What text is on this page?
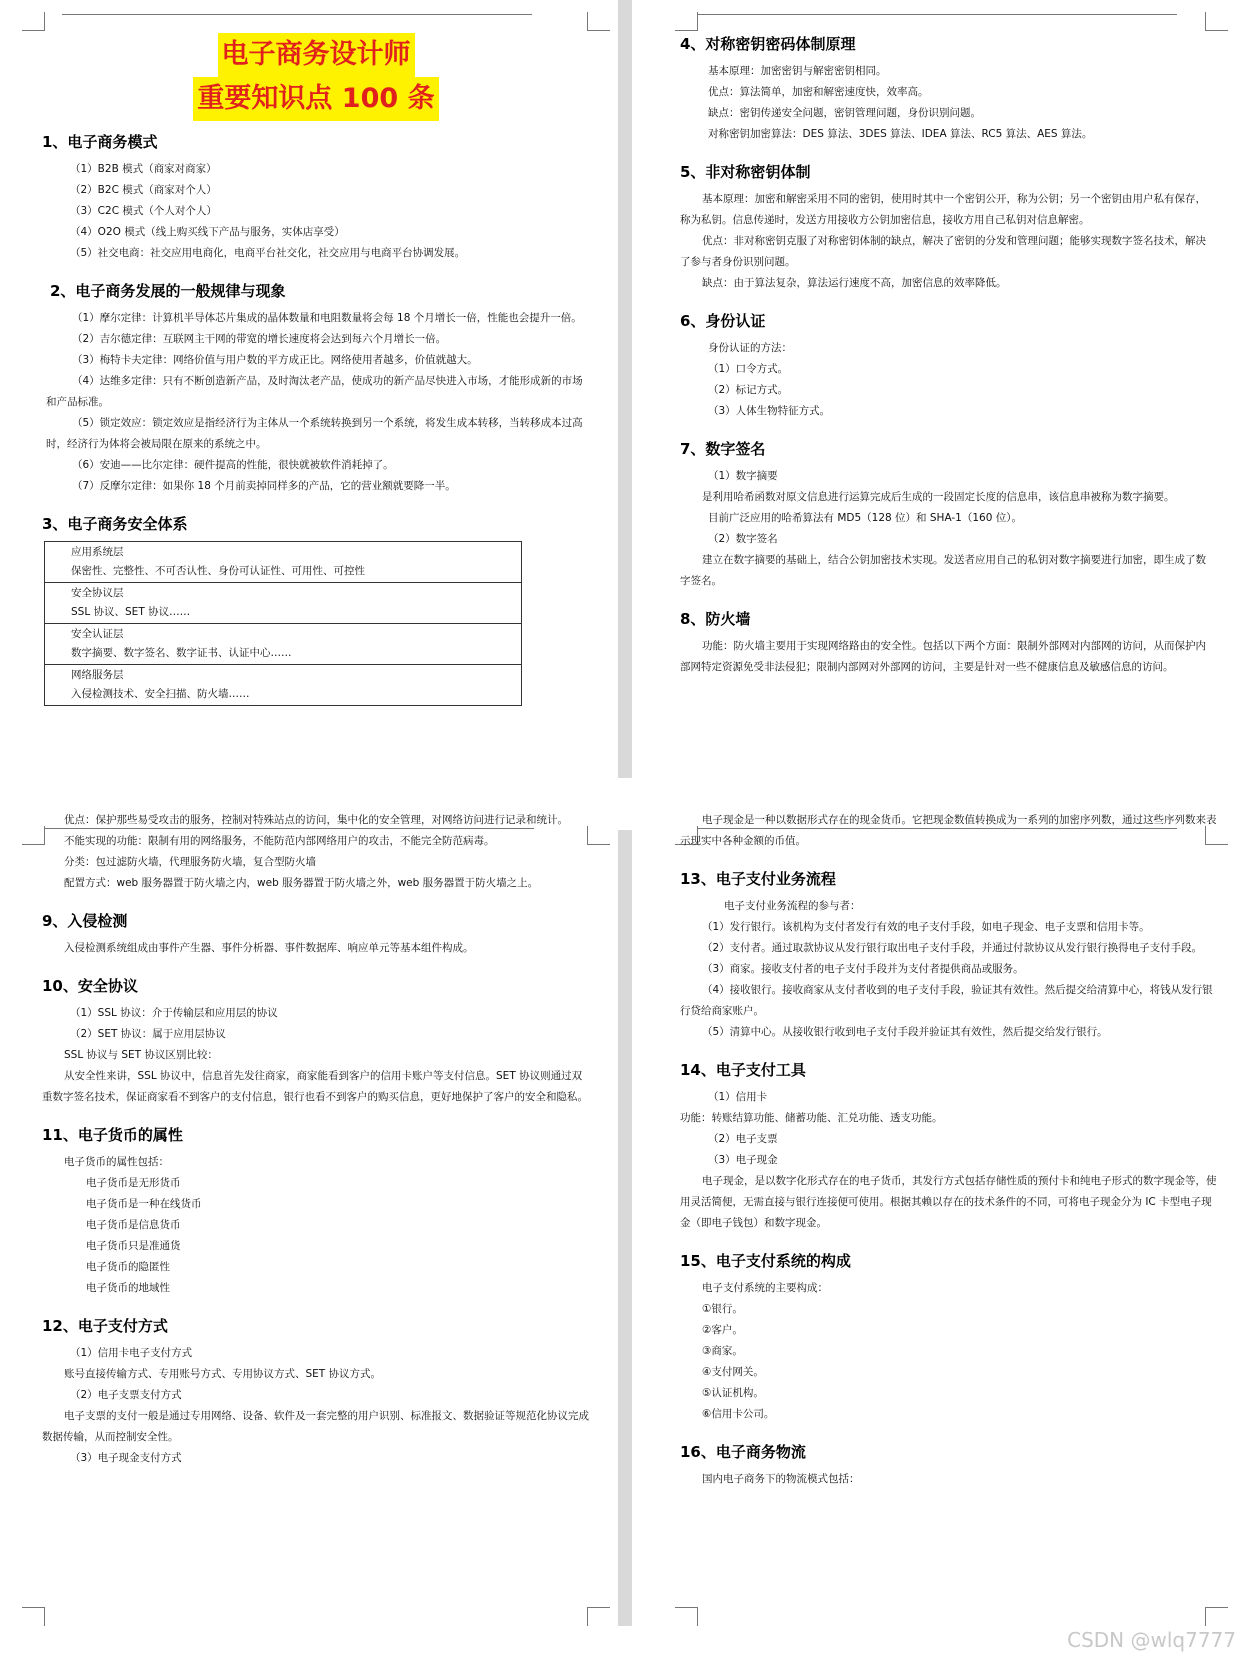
电子商务设计师
重要知识点 100 条
1、电子商务模式

（1）B2B 模式（商家对商家）

（2）B2C 模式（商家对个人）

（3）C2C 模式（个人对个人）

（4）O2O 模式（线上购买线下产品与服务，实体店享受）

（5）社交电商：社交应用电商化，电商平台社交化，社交应用与电商平台协调发展。

2、电子商务发展的一般规律与现象

（1）摩尔定律：计算机半导体芯片集成的晶体数量和电阻数量将会每 18 个月增长一倍，性能也会提升一倍。

（2）吉尔德定律：互联网主干网的带宽的增长速度将会达到每六个月增长一倍。

（3）梅特卡夫定律：网络价值与用户数的平方成正比。网络使用者越多，价值就越大。

（4）达维多定律：只有不断创造新产品，及时淘汰老产品，使成功的新产品尽快进入市场，才能形成新的市场和产品标准。

（5）锁定效应：锁定效应是指经济行为主体从一个系统转换到另一个系统，将发生成本转移，当转移成本过高时，经济行为体将会被局限在原来的系统之中。

（6）安迪——比尔定律：硬件提高的性能，很快就被软件消耗掉了。

（7）反摩尔定律：如果你 18 个月前卖掉同样多的产品，它的营业额就要降一半。

3、电子商务安全体系
应用系统层
保密性、完整性、不可否认性、身份可认证性、可用性、可控性

安全协议层
SSL 协议、SET 协议……

安全认证层
数字摘要、数字签名、数字证书、认证中心……

网络服务层
入侵检测技术、安全扫描、防火墙……
4、对称密钥密码体制原理

基本原理：加密密钥与解密密钥相同。

优点：算法简单，加密和解密速度快，效率高。

缺点：密钥传递安全问题，密钥管理问题，身份识别问题。

对称密钥加密算法：DES 算法、3DES 算法、IDEA 算法、RC5 算法、AES 算法。

5、非对称密钥体制

基本原理：加密和解密采用不同的密钥，使用时其中一个密钥公开，称为公钥；另一个密钥由用户私有保存，称为私钥。信息传递时，发送方用接收方公钥加密信息，接收方用自己私钥对信息解密。

优点：非对称密钥克服了对称密钥体制的缺点，解决了密钥的分发和管理问题；能够实现数字签名技术，解决了参与者身份识别问题。

缺点：由于算法复杂，算法运行速度不高，加密信息的效率降低。

6、身份认证

身份认证的方法：

（1）口令方式。

（2）标记方式。

（3）人体生物特征方式。

7、数字签名

（1）数字摘要

是利用哈希函数对原文信息进行运算完成后生成的一段固定长度的信息串，该信息串被称为数字摘要。

目前广泛应用的哈希算法有 MD5（128 位）和 SHA-1（160 位）。

（2）数字签名

建立在数字摘要的基础上，结合公钥加密技术实现。发送者应用自己的私钥对数字摘要进行加密，即生成了数字签名。

8、防火墙

功能：防火墙主要用于实现网络路由的安全性。包括以下两个方面：限制外部网对内部网的访问，从而保护内部网特定资源免受非法侵犯；限制内部网对外部网的访问，主要是针对一些不健康信息及敏感信息的访问。

优点：保护那些易受攻击的服务，控制对特殊站点的访问，集中化的安全管理，对网络访问进行记录和统计。

不能实现的功能：限制有用的网络服务，不能防范内部网络用户的攻击，不能完全防范病毒。

分类：包过滤防火墙，代理服务防火墙，复合型防火墙

配置方式：web 服务器置于防火墙之内，web 服务器置于防火墙之外，web 服务器置于防火墙之上。

9、入侵检测

入侵检测系统组成由事件产生器、事件分析器、事件数据库、响应单元等基本组件构成。

10、安全协议

（1）SSL 协议：介于传输层和应用层的协议

（2）SET 协议：属于应用层协议

SSL 协议与 SET 协议区别比较：

从安全性来讲，SSL 协议中，信息首先发往商家，商家能看到客户的信用卡账户等支付信息。SET 协议则通过双重数字签名技术，保证商家看不到客户的支付信息，银行也看不到客户的购买信息，更好地保护了客户的安全和隐私。

11、电子货币的属性

电子货币的属性包括：

电子货币是无形货币

电子货币是一种在线货币

电子货币是信息货币

电子货币只是准通货

电子货币的隐匿性

电子货币的地域性

12、电子支付方式

（1）信用卡电子支付方式

账号直接传输方式、专用账号方式、专用协议方式、SET 协议方式。

（2）电子支票支付方式

电子支票的支付一般是通过专用网络、设备、软件及一套完整的用户识别、标准报文、数据验证等规范化协议完成数据传输，从而控制安全性。

（3）电子现金支付方式

电子现金是一种以数据形式存在的现金货币。它把现金数值转换成为一系列的加密序列数，通过这些序列数来表示现实中各种金额的币值。

13、电子支付业务流程

电子支付业务流程的参与者：

（1）发行银行。该机构为支付者发行有效的电子支付手段，如电子现金、电子支票和信用卡等。

（2）支付者。通过取款协议从发行银行取出电子支付手段，并通过付款协议从发行银行换得电子支付手段。

（3）商家。接收支付者的电子支付手段并为支付者提供商品或服务。

（4）接收银行。接收商家从支付者收到的电子支付手段，验证其有效性。然后提交给清算中心，将钱从发行银行贷给商家账户。

（5）清算中心。从接收银行收到电子支付手段并验证其有效性，然后提交给发行银行。

14、电子支付工具

（1）信用卡

功能：转账结算功能、储蓄功能、汇兑功能、透支功能。

（2）电子支票

（3）电子现金

电子现金，是以数字化形式存在的电子货币，其发行方式包括存储性质的预付卡和纯电子形式的数字现金等，使用灵活简便，无需直接与银行连接便可使用。根据其赖以存在的技术条件的不同，可将电子现金分为 IC 卡型电子现金（即电子钱包）和数字现金。

15、电子支付系统的构成

电子支付系统的主要构成：

①银行。

②客户。

③商家。

④支付网关。

⑤认证机构。

⑥信用卡公司。

16、电子商务物流

国内电子商务下的物流模式包括：

CSDN @wlq7777
